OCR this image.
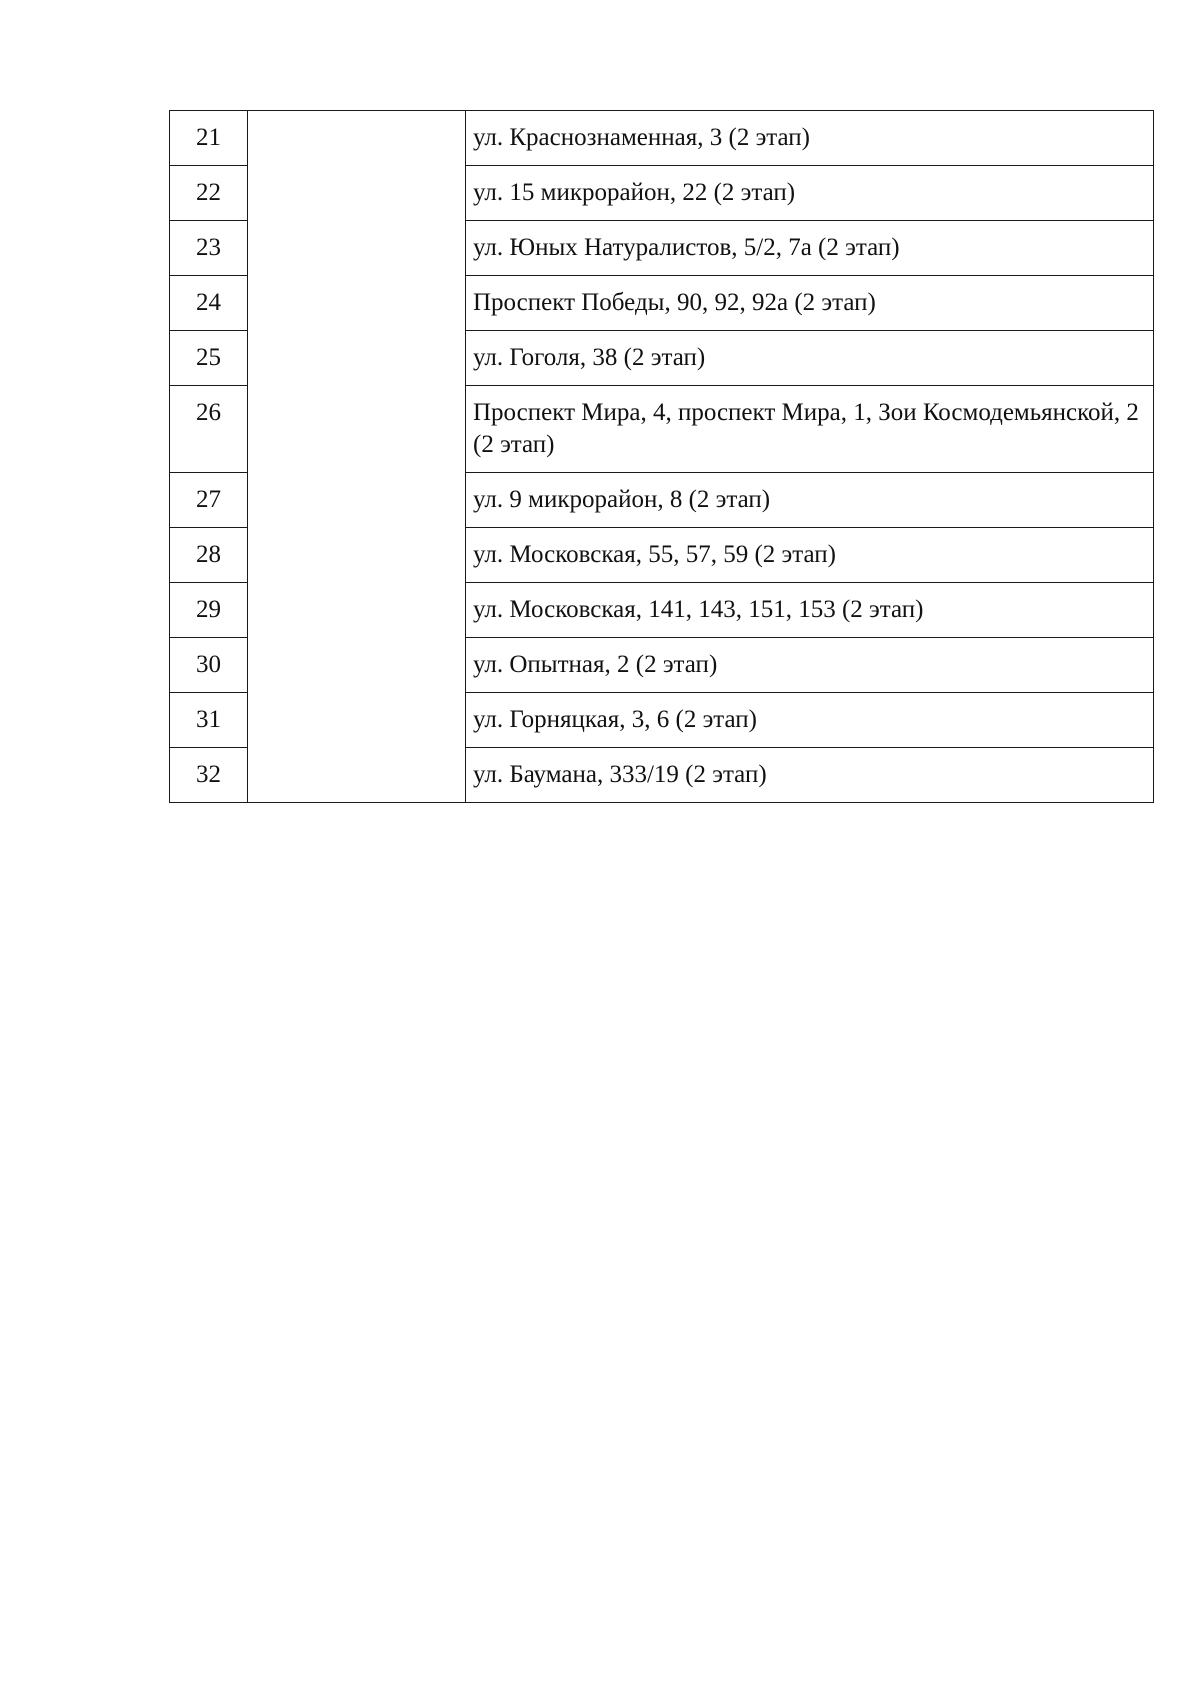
21		ул. Краснознаменная, 3 (2 этап)

22		ул. 15 микрорайон, 22 (2 этап)

23		ул. Юных Натуралистов, 5/2, 7а (2 этап)

24		Проспект Победы, 90, 92, 92а (2 этап)

25		ул. Гоголя, 38 (2 этап)

26		Проспект Мира, 4, проспект Мира, 1, Зои Космодемьянской, 2 (2 этап)

27		ул. 9 микрорайон, 8 (2 этап)

28		ул. Московская, 55, 57, 59 (2 этап)

29		ул. Московская, 141, 143, 151, 153 (2 этап)

30		ул. Опытная, 2 (2 этап)

31		ул. Горняцкая, 3, 6 (2 этап)

32		ул. Баумана, 333/19 (2 этап)
